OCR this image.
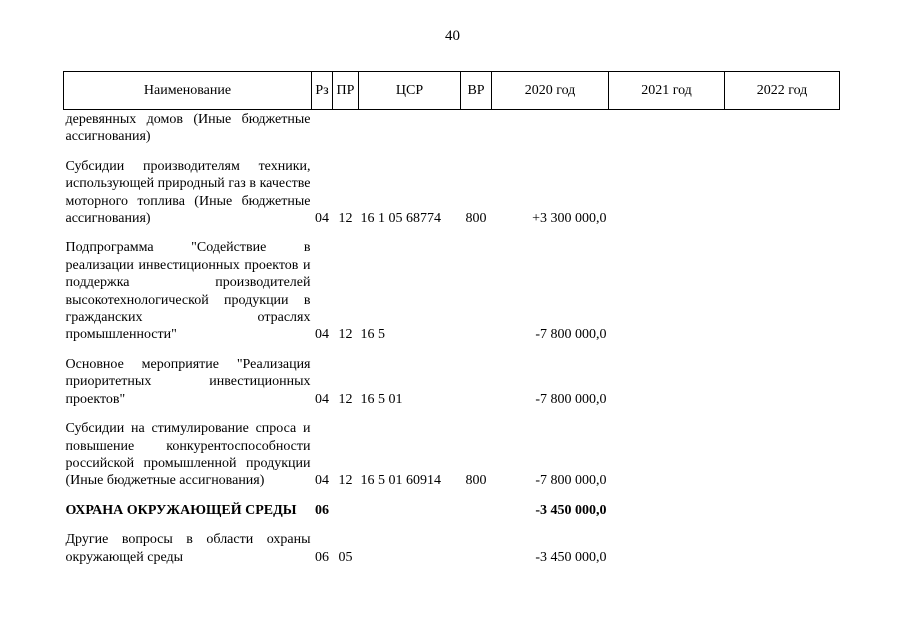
40
Наименование	Рз	ПР	ЦСР	ВР	2020 год	2021 год	2022 год
деревянных домов (Иные бюджетные ассигнования)							

Субсидии производителям техники, использующей природный газ в качестве моторного топлива (Иные бюджетные ассигнования)	04	12	16 1 05 68774	800	+3 300 000,0		

Подпрограмма "Содействие в реализации инвестиционных проектов и поддержка производителей высокотехнологической продукции в гражданских отраслях промышленности"	04	12	16 5		-7 800 000,0		

Основное мероприятие "Реализация приоритетных инвестиционных проектов"	04	12	16 5 01		-7 800 000,0		

Субсидии на стимулирование спроса и повышение конкурентоспособности российской промышленной продукции (Иные бюджетные ассигнования)	04	12	16 5 01 60914	800	-7 800 000,0		

ОХРАНА ОКРУЖАЮЩЕЙ СРЕДЫ	06				-3 450 000,0		

Другие вопросы в области охраны окружающей среды	06	05			-3 450 000,0		
